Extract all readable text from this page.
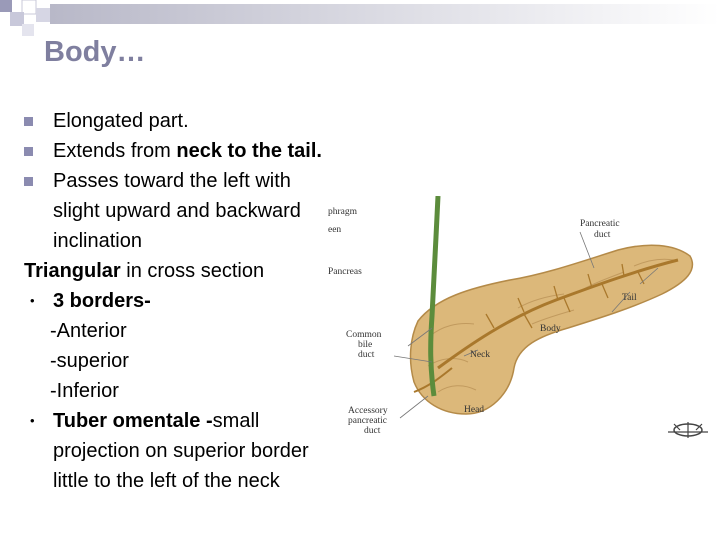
Body…
Elongated part.
Extends from neck to the tail.
Passes toward the left with
slight upward and backward
inclination
Triangular in cross section
• 3 borders-
-Anterior
-superior
-Inferior
• Tuber omentale -small
projection on superior border
little to the left of the neck
phragm
een
Pancreas
Pancreatic
duct
Tail
Body
Common
bile
duct	Neck
Head
Accessory
pancreatic
duct
